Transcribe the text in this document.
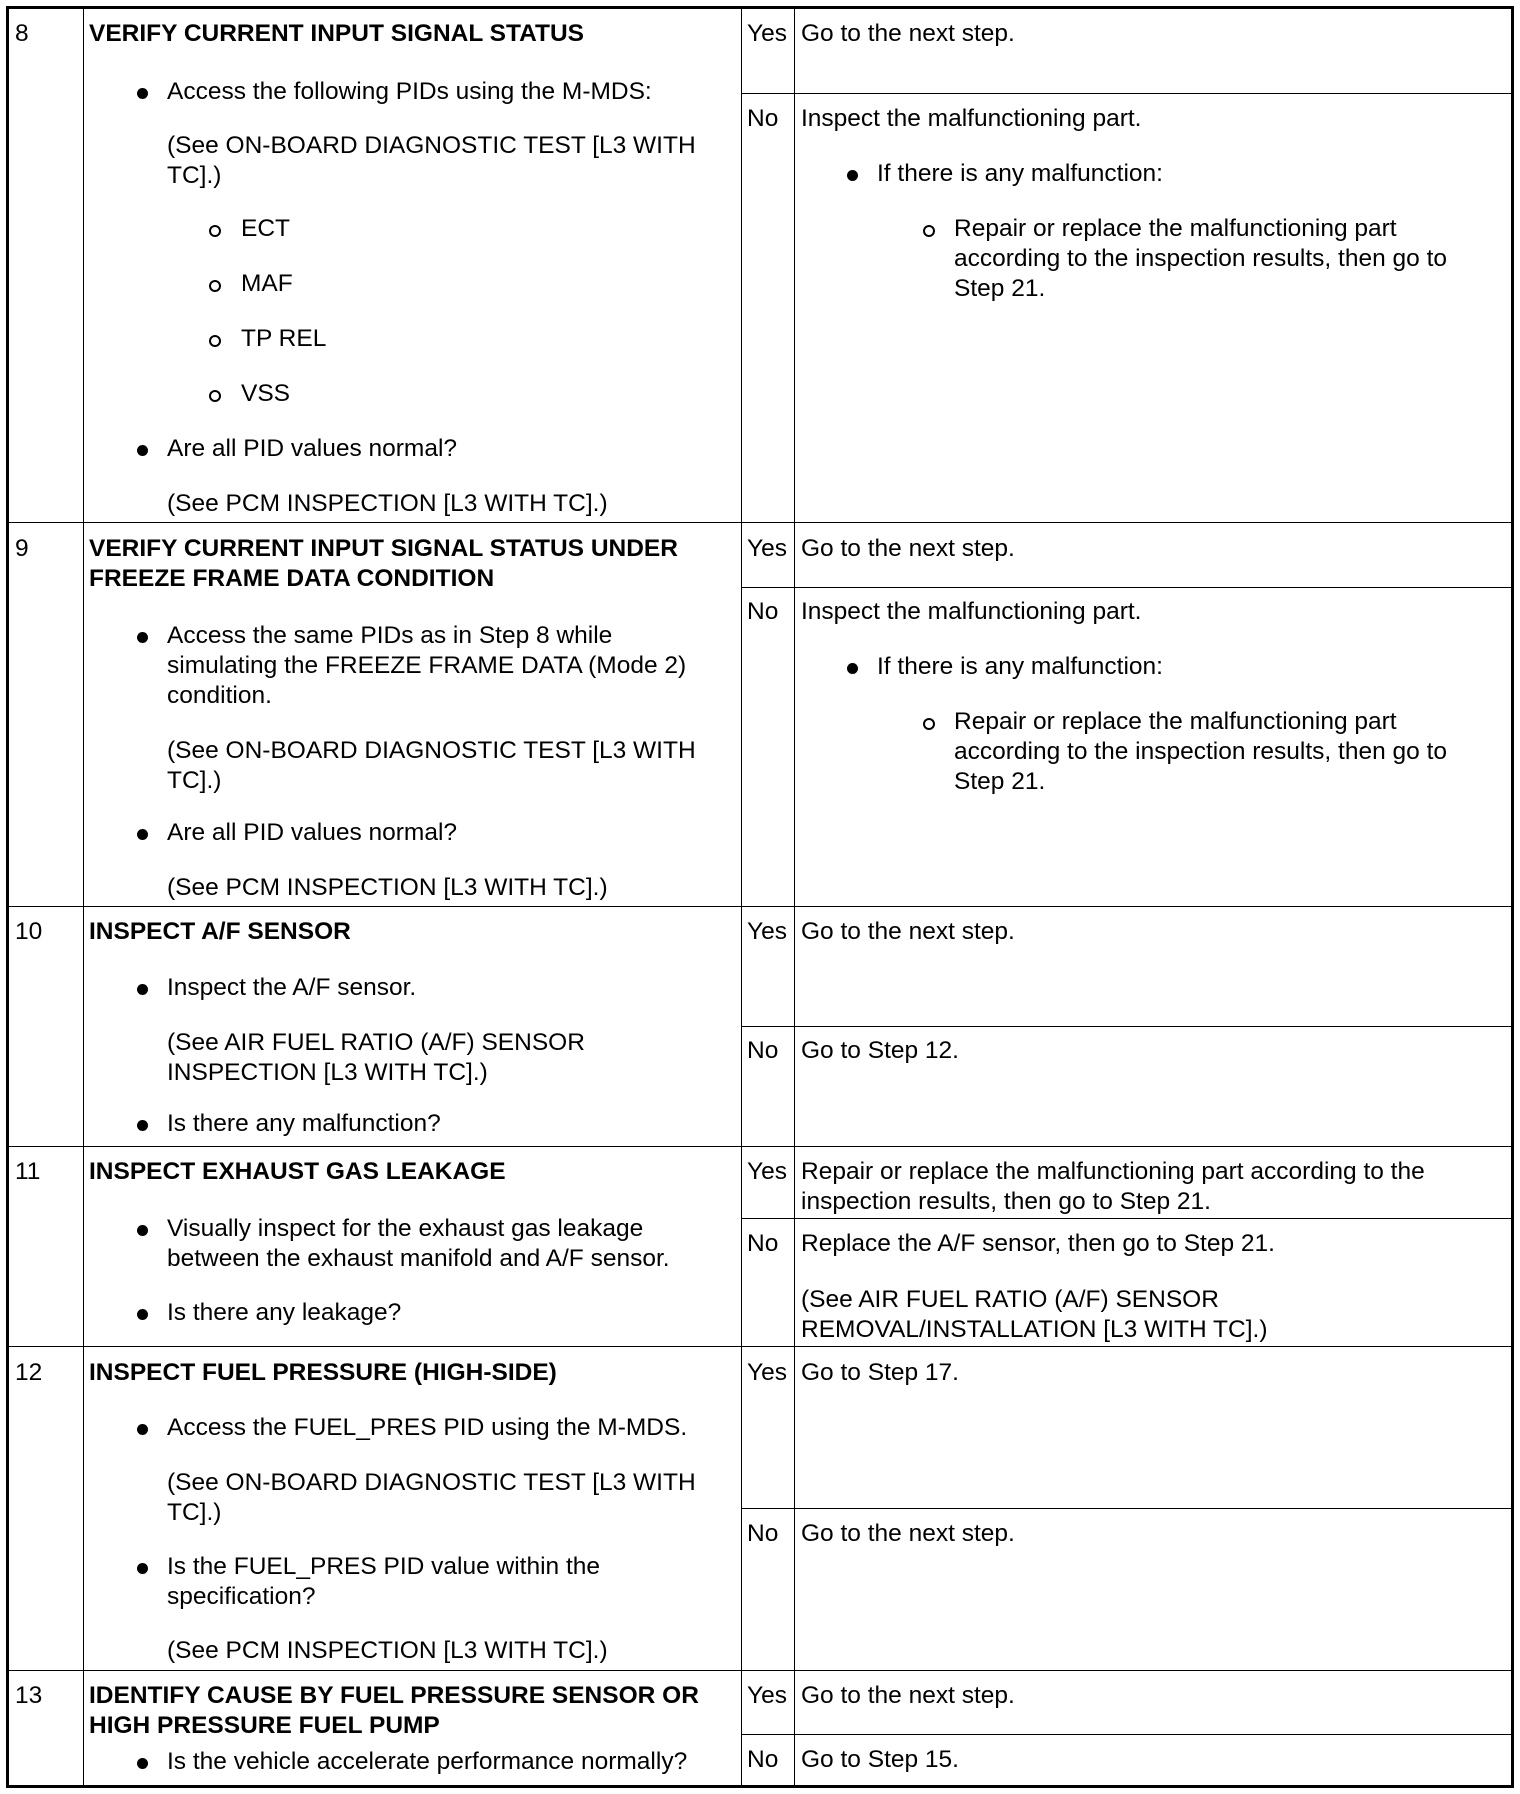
8 VERIFY CURRENT INPUT SIGNAL STATUS
Access the following PIDs using the M-MDS:
(See ON-BOARD DIAGNOSTIC TEST [L3 WITH TC].)
ECT
MAF
TP REL
VSS
Are all PID values normal?
(See PCM INSPECTION [L3 WITH TC].)
Yes Go to the next step.
No Inspect the malfunctioning part.
If there is any malfunction:
Repair or replace the malfunctioning part according to the inspection results, then go to Step 21.
9 VERIFY CURRENT INPUT SIGNAL STATUS UNDER FREEZE FRAME DATA CONDITION
Access the same PIDs as in Step 8 while simulating the FREEZE FRAME DATA (Mode 2) condition.
(See ON-BOARD DIAGNOSTIC TEST [L3 WITH TC].)
Are all PID values normal?
(See PCM INSPECTION [L3 WITH TC].)
Yes Go to the next step.
No Inspect the malfunctioning part.
If there is any malfunction:
Repair or replace the malfunctioning part according to the inspection results, then go to Step 21.
10 INSPECT A/F SENSOR
Inspect the A/F sensor.
(See AIR FUEL RATIO (A/F) SENSOR INSPECTION [L3 WITH TC].)
Is there any malfunction?
Yes Go to the next step.
No Go to Step 12.
11 INSPECT EXHAUST GAS LEAKAGE
Visually inspect for the exhaust gas leakage between the exhaust manifold and A/F sensor.
Is there any leakage?
Yes Repair or replace the malfunctioning part according to the inspection results, then go to Step 21.
No Replace the A/F sensor, then go to Step 21.
(See AIR FUEL RATIO (A/F) SENSOR REMOVAL/INSTALLATION [L3 WITH TC].)
12 INSPECT FUEL PRESSURE (HIGH-SIDE)
Access the FUEL_PRES PID using the M-MDS.
(See ON-BOARD DIAGNOSTIC TEST [L3 WITH TC].)
Is the FUEL_PRES PID value within the specification?
(See PCM INSPECTION [L3 WITH TC].)
Yes Go to Step 17.
No Go to the next step.
13 IDENTIFY CAUSE BY FUEL PRESSURE SENSOR OR HIGH PRESSURE FUEL PUMP
Is the vehicle accelerate performance normally?
Yes Go to the next step.
No Go to Step 15.
